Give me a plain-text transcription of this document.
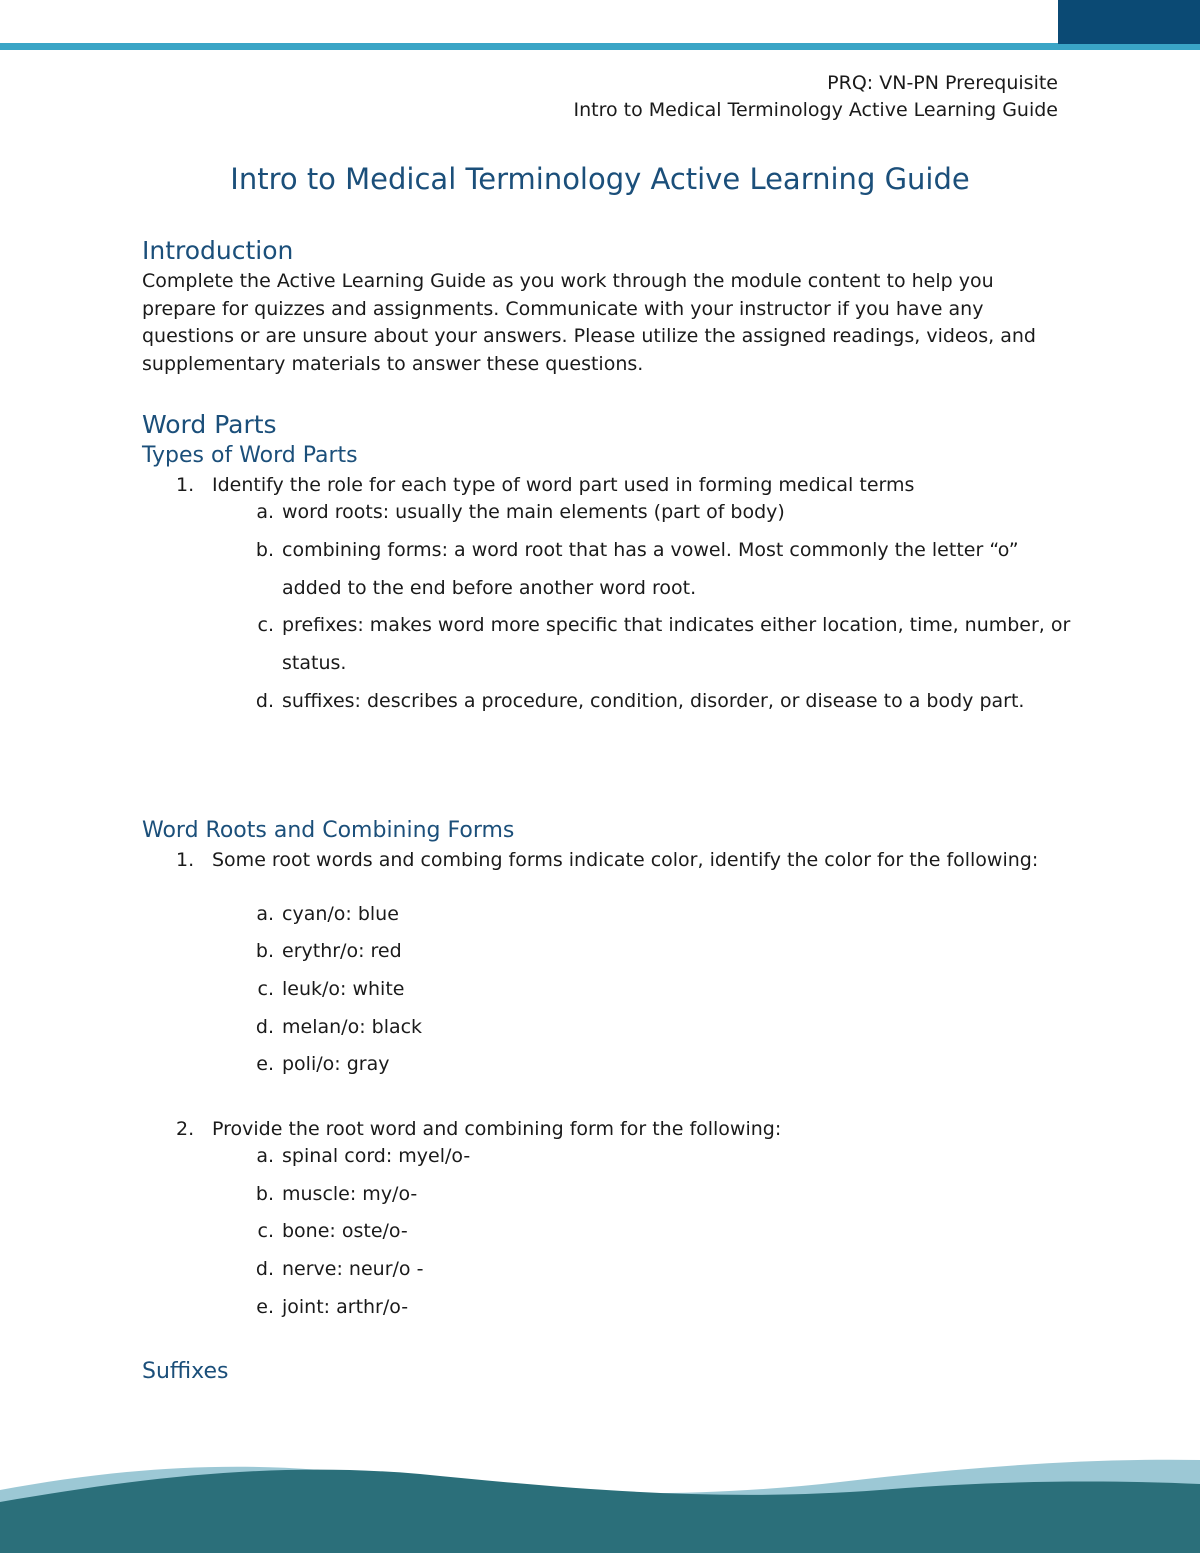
PRQ: VN-PN Prerequisite
Intro to Medical Terminology Active Learning Guide
Intro to Medical Terminology Active Learning Guide
Introduction
Complete the Active Learning Guide as you work through the module content to help you prepare for quizzes and assignments. Communicate with your instructor if you have any questions or are unsure about your answers. Please utilize the assigned readings, videos, and supplementary materials to answer these questions.
Word Parts
Types of Word Parts
1. Identify the role for each type of word part used in forming medical terms
a. word roots: usually the main elements (part of body)
b. combining forms: a word root that has a vowel. Most commonly the letter “o” added to the end before another word root.
c. prefixes: makes word more specific that indicates either location, time, number, or status.
d. suffixes: describes a procedure, condition, disorder, or disease to a body part.
Word Roots and Combining Forms
1. Some root words and combing forms indicate color, identify the color for the following:
a. cyan/o: blue
b. erythr/o: red
c. leuk/o: white
d. melan/o: black
e. poli/o: gray
2. Provide the root word and combining form for the following:
a. spinal cord: myel/o-
b. muscle: my/o-
c. bone: oste/o-
d. nerve: neur/o -
e. joint: arthr/o-
Suffixes
